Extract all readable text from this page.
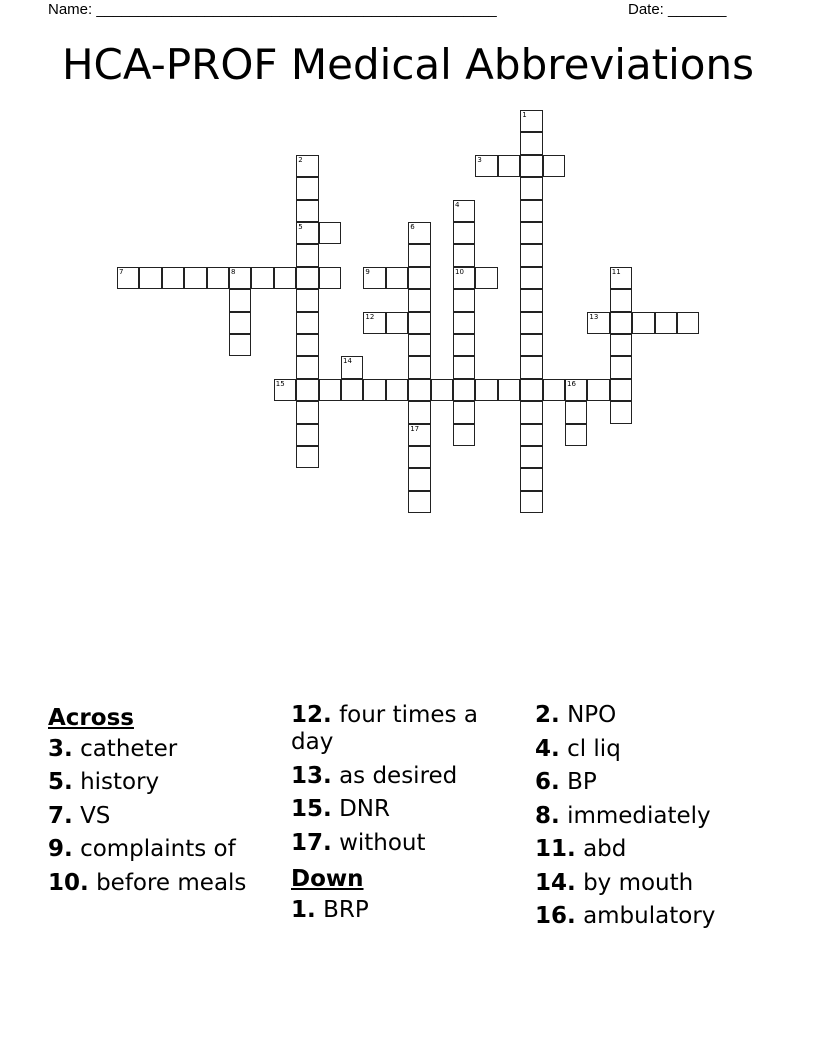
Name: ________________________________________________	Date: _______
HCA-PROF Medical Abbreviations
1
2
5
3
4
10
6
7	8	9	11
12	13
14
15	16
17
Across
3. catheter
5. history
7. VS
9. complaints of
10. before meals
12. four times a day
13. as desired
15. DNR
17. without
Down
1. BRP
2. NPO
4. cl liq
6. BP
8. immediately
11. abd
14. by mouth
16. ambulatory
